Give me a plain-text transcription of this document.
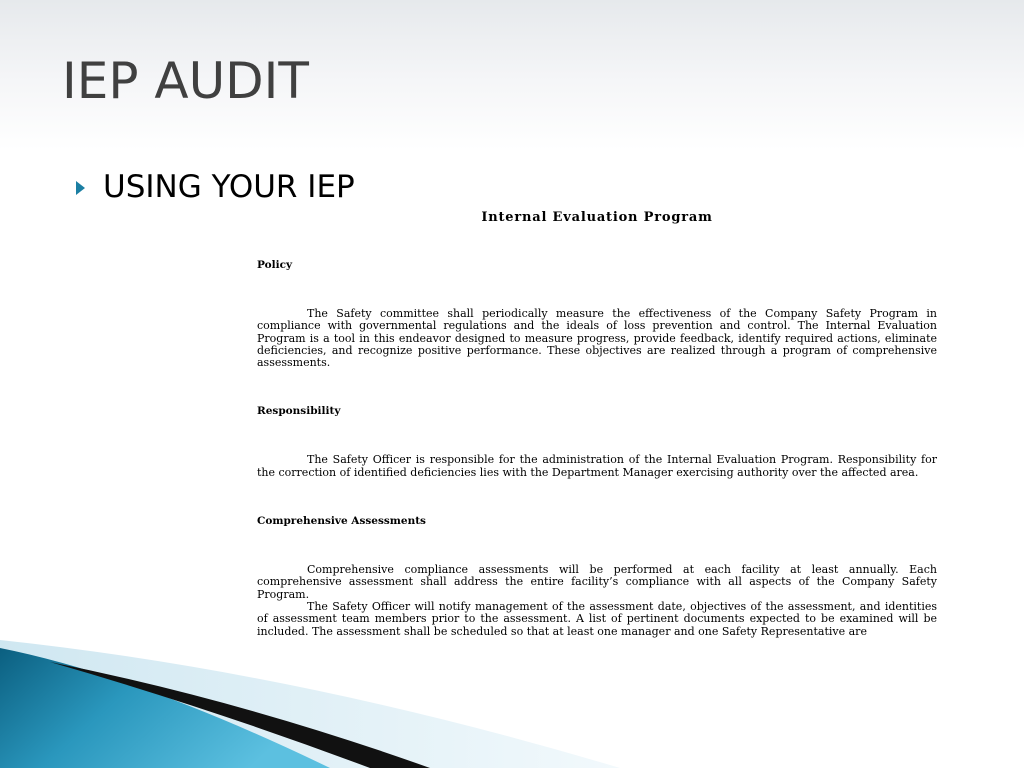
IEP AUDIT
USING YOUR IEP
Internal Evaluation Program
Policy

The Safety committee shall periodically measure the effectiveness of the Company Safety Program in compliance with governmental regulations and the ideals of loss prevention and control. The Internal Evaluation Program is a tool in this endeavor designed to measure progress, provide feedback, identify required actions, eliminate deficiencies, and recognize positive performance. These objectives are realized through a program of comprehensive assessments.

Responsibility

The Safety Officer is responsible for the administration of the Internal Evaluation Program. Responsibility for the correction of identified deficiencies lies with the Department Manager exercising authority over the affected area.

Comprehensive Assessments

Comprehensive compliance assessments will be performed at each facility at least annually. Each comprehensive assessment shall address the entire facility’s compliance with all aspects of the Company Safety Program.

The Safety Officer will notify management of the assessment date, objectives of the assessment, and identities of assessment team members prior to the assessment. A list of pertinent documents expected to be examined will be included. The assessment shall be scheduled so that at least one manager and one Safety Representative are
